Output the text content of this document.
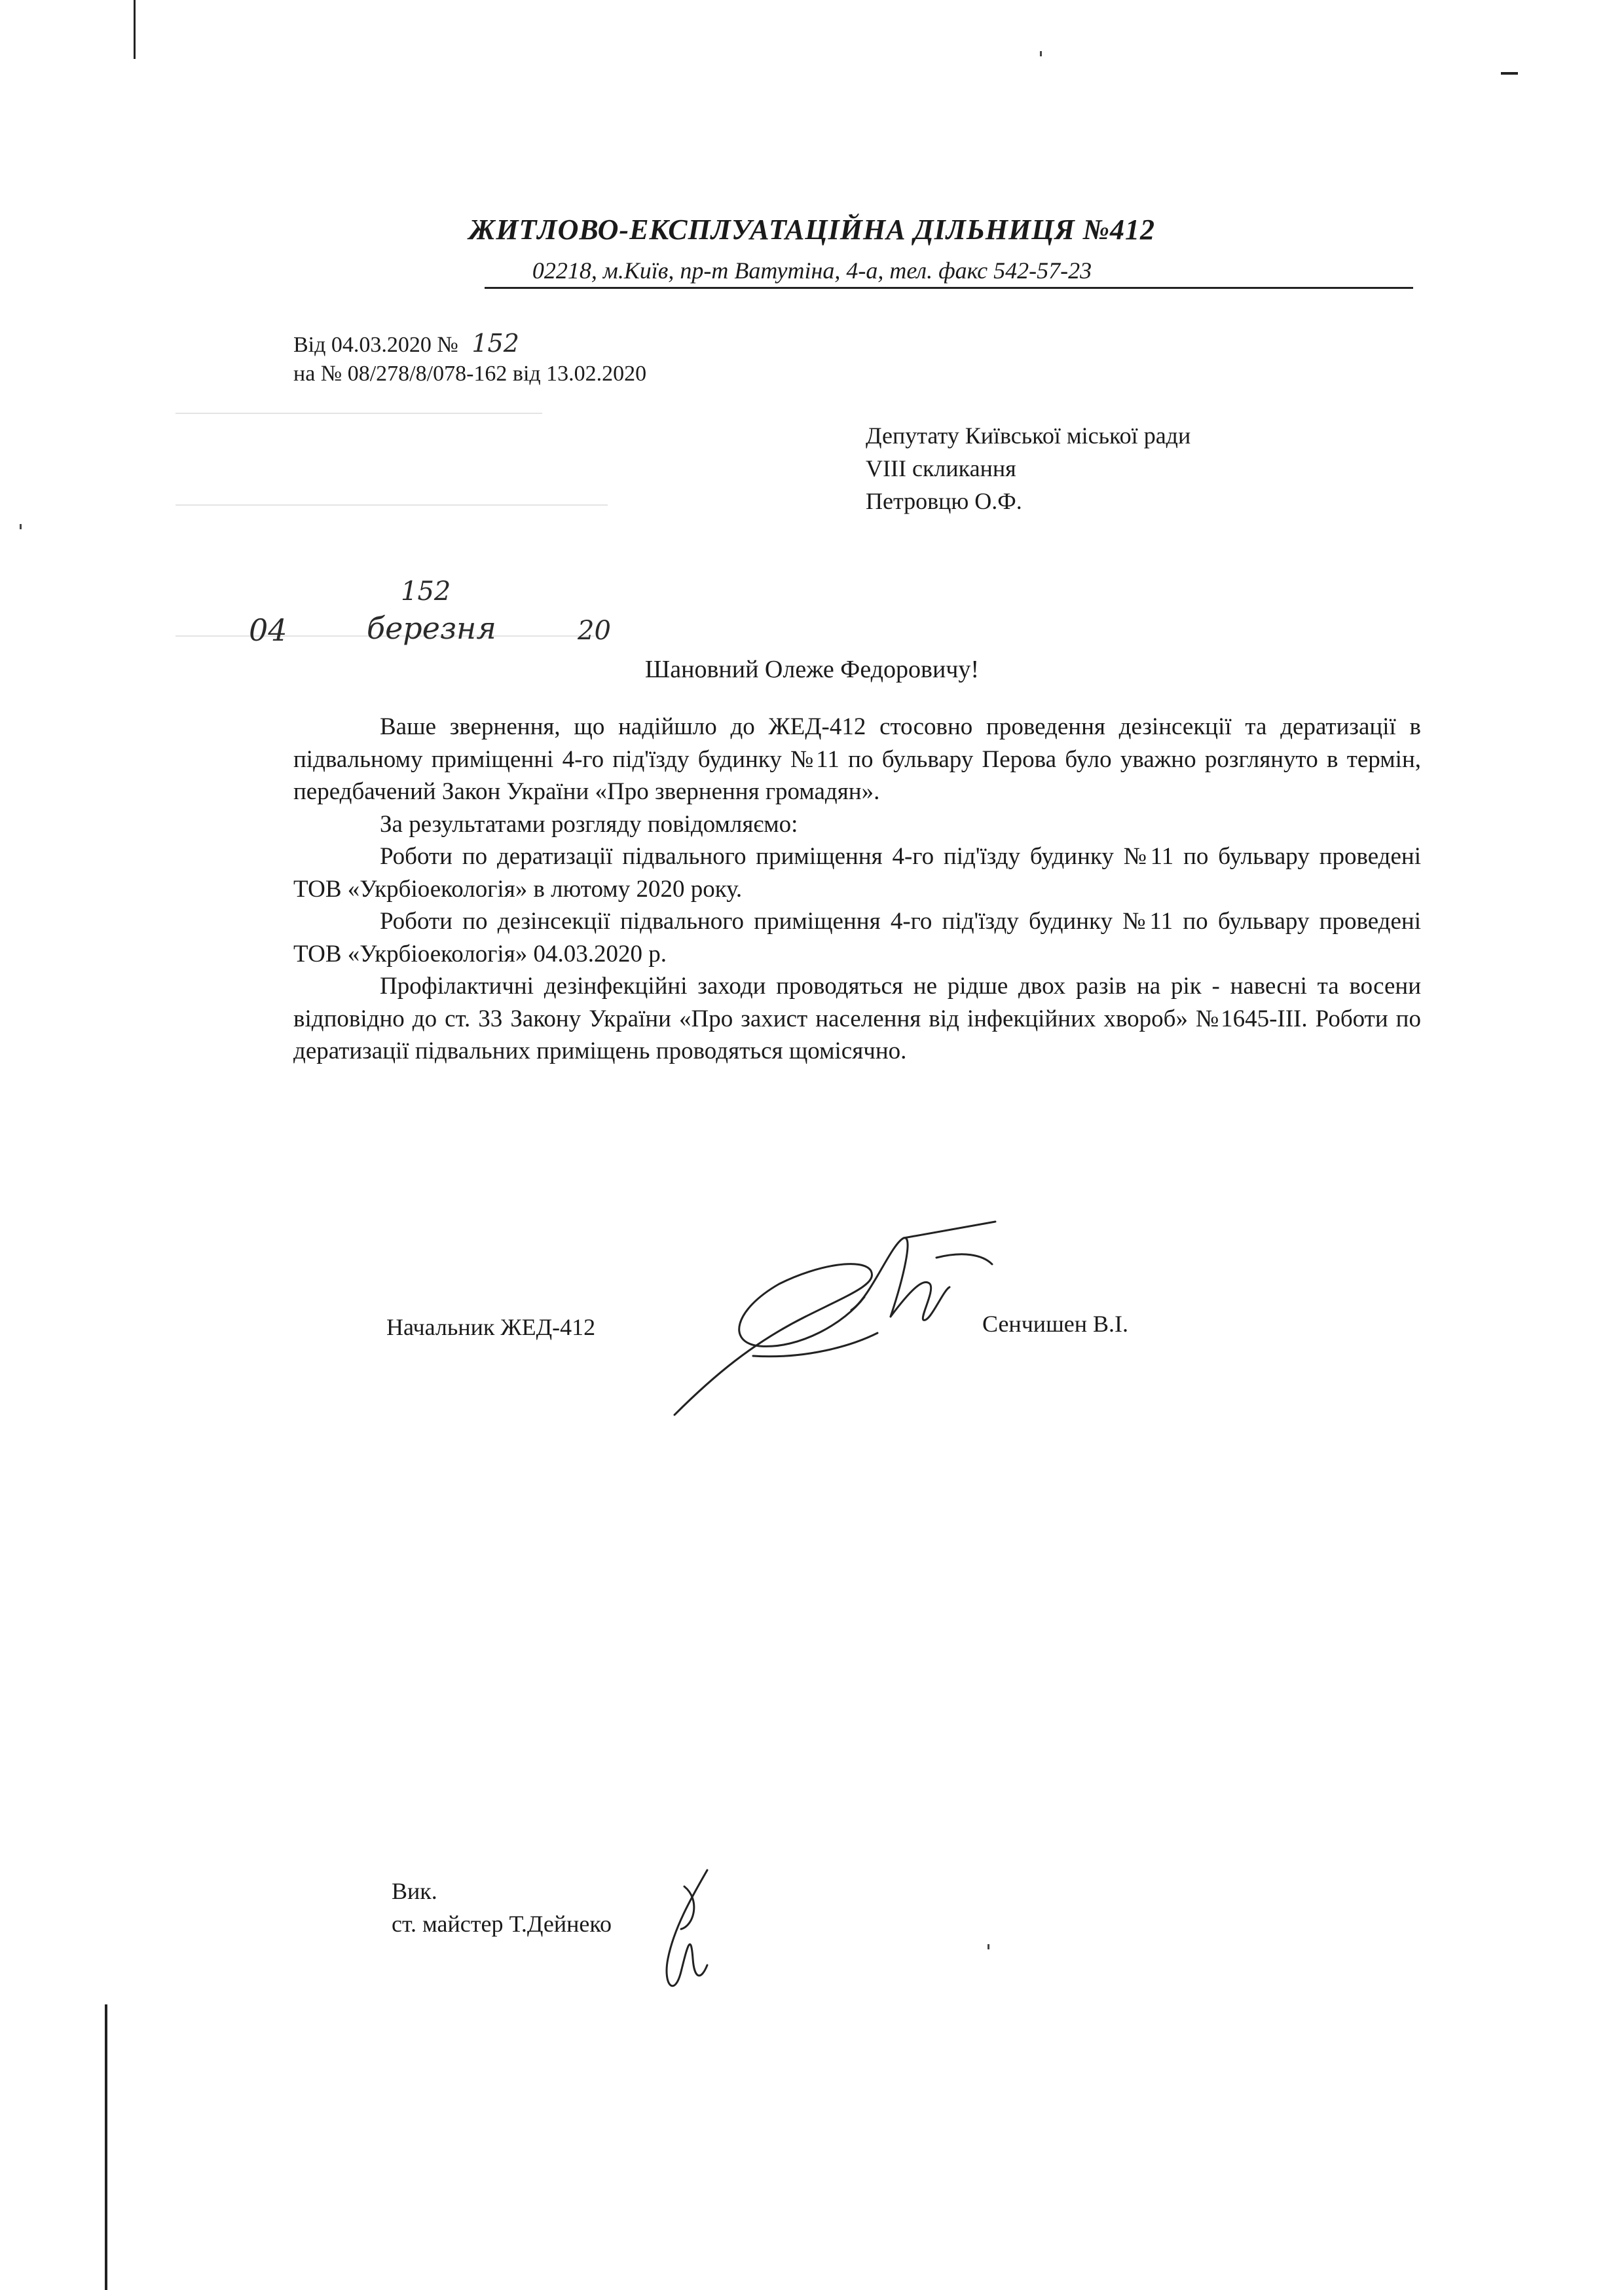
ЖИТЛОВО-ЕКСПЛУАТАЦІЙНА ДІЛЬНИЦЯ №412
02218, м.Київ, пр-т Ватутіна, 4-а, тел. факс 542-57-23
Від 04.03.2020 № 152
на № 08/278/8/078-162 від 13.02.2020
04
152
березня	20
Депутату Київської міської ради
VIII скликання
Петровцю О.Ф.
Шановний Олеже Федоровичу!

Ваше звернення, що надійшло до ЖЕД-412 стосовно проведення дезінсекції та дератизації в підвальному приміщенні 4-го під'їзду будинку №11 по бульвару Перова було уважно розглянуто в термін, передбачений Закон України «Про звернення громадян».

За результатами розгляду повідомляємо:

Роботи по дератизації підвального приміщення 4-го під'їзду будинку №11 по бульвару проведені ТОВ «Укрбіоекологія» в лютому 2020 року.

Роботи по дезінсекції підвального приміщення 4-го під'їзду будинку №11 по бульвару проведені ТОВ «Укрбіоекологія» 04.03.2020 р.

Профілактичні дезінфекційні заходи проводяться не рідше двох разів на рік - навесні та восени відповідно до ст. 33 Закону України «Про захист населення від інфекційних хвороб» №1645-ІІІ. Роботи по дератизації підвальних приміщень проводяться щомісячно.

Начальник ЖЕД-412	Сенчишен В.І.
Вик.
ст. майстер Т.Дейнеко
